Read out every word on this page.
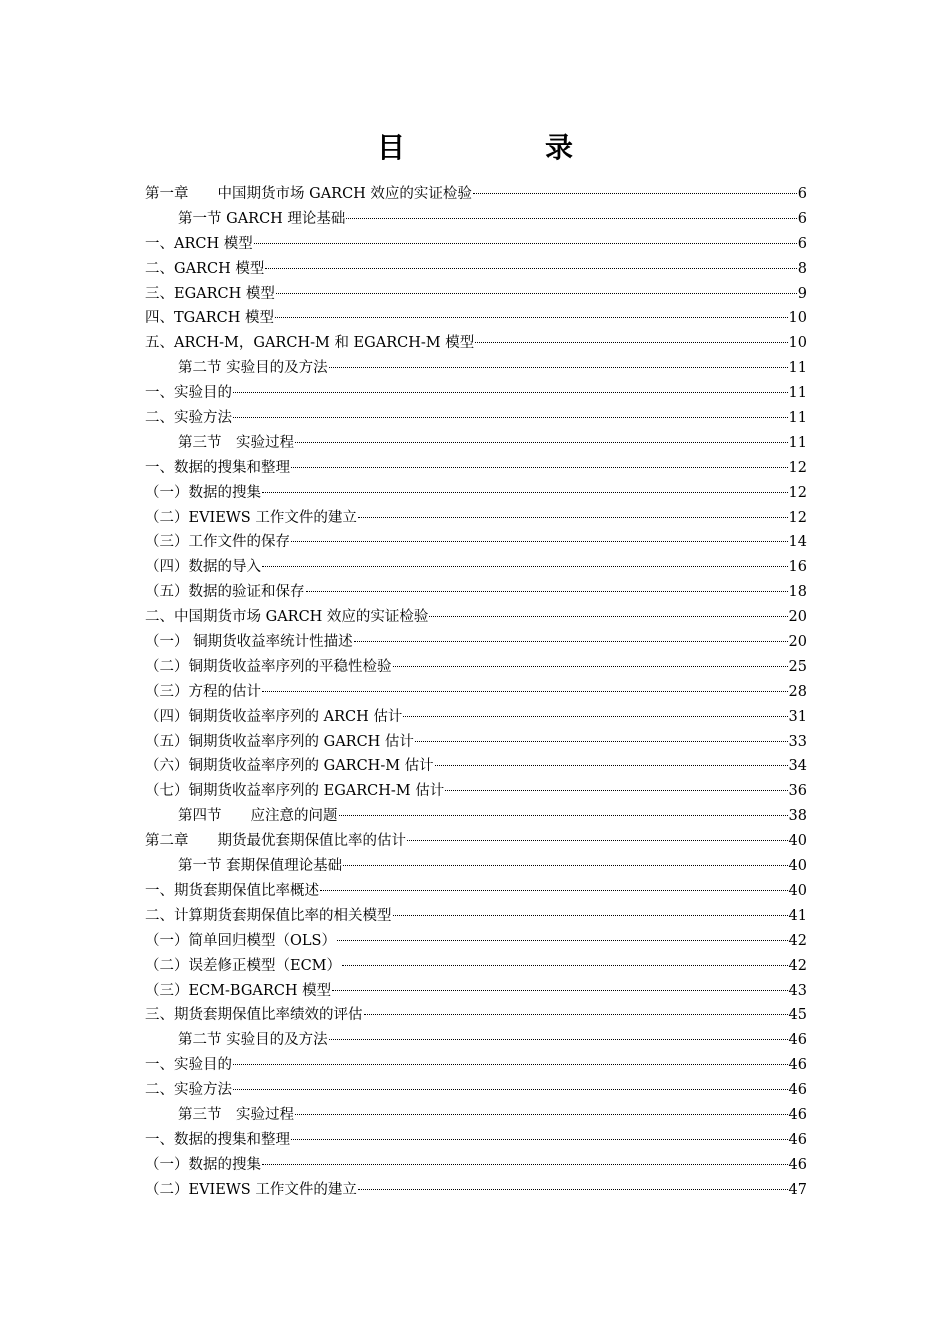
目　录
第一章　　中国期货市场 GARCH 效应的实证检验	6
第一节 GARCH 理论基础	6
一、ARCH 模型	6
二、GARCH 模型	8
三、EGARCH 模型	9
四、TGARCH 模型	10
五、ARCH-M，GARCH-M 和 EGARCH-M 模型	10
第二节 实验目的及方法	11
一、实验目的	11
二、实验方法	11
第三节　实验过程	11
一、数据的搜集和整理	12
（一）数据的搜集	12
（二）EVIEWS 工作文件的建立	12
（三）工作文件的保存	14
（四）数据的导入	16
（五）数据的验证和保存	18
二、中国期货市场 GARCH 效应的实证检验	20
（一） 铜期货收益率统计性描述	20
（二）铜期货收益率序列的平稳性检验	25
（三）方程的估计	28
（四）铜期货收益率序列的 ARCH 估计	31
（五）铜期货收益率序列的 GARCH 估计	33
（六）铜期货收益率序列的 GARCH-M 估计	34
（七）铜期货收益率序列的 EGARCH-M 估计	36
第四节　　应注意的问题	38
第二章　　期货最优套期保值比率的估计	40
第一节 套期保值理论基础	40
一、期货套期保值比率概述	40
二、计算期货套期保值比率的相关模型	41
（一）简单回归模型（OLS）	42
（二）误差修正模型（ECM）	42
（三）ECM-BGARCH 模型	43
三、期货套期保值比率绩效的评估	45
第二节 实验目的及方法	46
一、实验目的	46
二、实验方法	46
第三节　实验过程	46
一、数据的搜集和整理	46
（一）数据的搜集	46
（二）EVIEWS 工作文件的建立	47
